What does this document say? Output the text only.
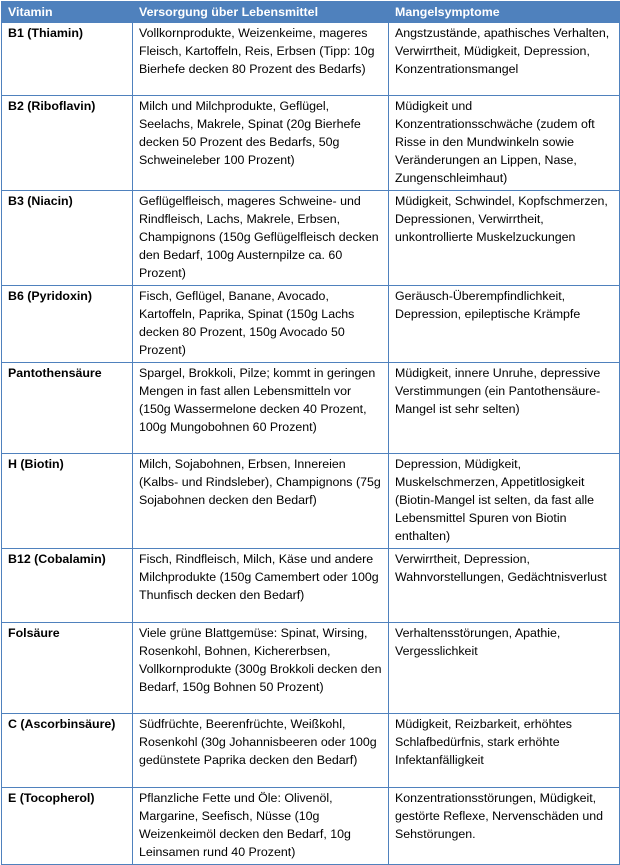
Vitamin	Versorgung über Lebensmittel	Mangelsymptome
B1 (Thiamin)	Vollkornprodukte, Weizenkeime, mageres Fleisch, Kartoffeln, Reis, Erbsen (Tipp: 10g Bierhefe decken 80 Prozent des Bedarfs)	Angstzustände, apathisches Verhalten, Verwirrtheit, Müdigkeit, Depression, Konzentrationsmangel
B2 (Riboflavin)	Milch und Milchprodukte, Geflügel, Seelachs, Makrele, Spinat (20g Bierhefe decken 50 Prozent des Bedarfs, 50g Schweineleber 100 Prozent)	Müdigkeit und Konzentrationsschwäche (zudem oft Risse in den Mundwinkeln sowie Veränderungen an Lippen, Nase, Zungenschleimhaut)
B3 (Niacin)	Geflügelfleisch, mageres Schweine- und Rindfleisch, Lachs, Makrele, Erbsen, Champignons (150g Geflügelfleisch decken den Bedarf, 100g Austernpilze ca. 60 Prozent)	Müdigkeit, Schwindel, Kopfschmerzen, Depressionen, Verwirrtheit, unkontrollierte Muskelzuckungen
B6 (Pyridoxin)	Fisch, Geflügel, Banane, Avocado, Kartoffeln, Paprika, Spinat (150g Lachs decken 80 Prozent, 150g Avocado 50 Prozent)	Geräusch-Überempfindlichkeit, Depression, epileptische Krämpfe
Pantothensäure	Spargel, Brokkoli, Pilze; kommt in geringen Mengen in fast allen Lebensmitteln vor (150g Wassermelone decken 40 Prozent, 100g Mungobohnen 60 Prozent)	Müdigkeit, innere Unruhe, depressive Verstimmungen (ein Pantothensäure-Mangel ist sehr selten)
H (Biotin)	Milch, Sojabohnen, Erbsen, Innereien (Kalbs- und Rindsleber), Champignons (75g Sojabohnen decken den Bedarf)	Depression, Müdigkeit, Muskelschmerzen, Appetitlosigkeit (Biotin-Mangel ist selten, da fast alle Lebensmittel Spuren von Biotin enthalten)
B12 (Cobalamin)	Fisch, Rindfleisch, Milch, Käse und andere Milchprodukte (150g Camembert oder 100g Thunfisch decken den Bedarf)	Verwirrtheit, Depression, Wahnvorstellungen, Gedächtnisverlust
Folsäure	Viele grüne Blattgemüse: Spinat, Wirsing, Rosenkohl, Bohnen, Kichererbsen, Vollkornprodukte (300g Brokkoli decken den Bedarf, 150g Bohnen 50 Prozent)	Verhaltensstörungen, Apathie, Vergesslichkeit
C (Ascorbinsäure)	Südfrüchte, Beerenfrüchte, Weißkohl, Rosenkohl (30g Johannisbeeren oder 100g gedünstete Paprika decken den Bedarf)	Müdigkeit, Reizbarkeit, erhöhtes Schlafbedürfnis, stark erhöhte Infektanfälligkeit
E (Tocopherol)	Pflanzliche Fette und Öle: Olivenöl, Margarine, Seefisch, Nüsse (10g Weizenkeimöl decken den Bedarf, 10g Leinsamen rund 40 Prozent)	Konzentrationsstörungen, Müdigkeit, gestörte Reflexe, Nervenschäden und Sehstörungen.
